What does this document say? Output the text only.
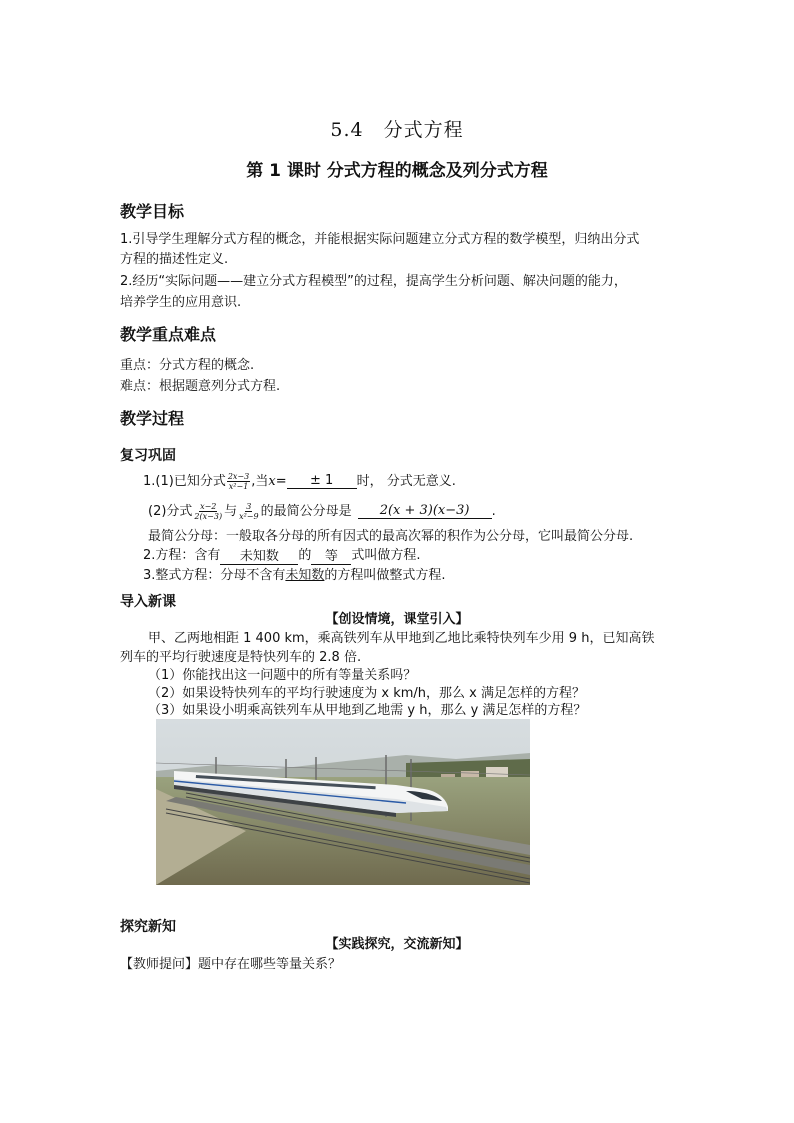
5.4　分式方程
第 1 课时 分式方程的概念及列分式方程
教学目标
1.引导学生理解分式方程的概念，并能根据实际问题建立分式方程的数学模型，归纳出分式
方程的描述性定义.
2.经历“实际问题——建立分式方程模型”的过程，提高学生分析问题、解决问题的能力，
培养学生的应用意识.
教学重点难点
重点：分式方程的概念.
难点：根据题意列分式方程.
教学过程
复习巩固
1.(1)已知分式 $\frac{2x-3}{\text{x²−1}}$ ,当 x =	± 1	时， 分式无意义.
(2)分式 $\frac{x-2}{2(x-3)}$ 与 $\frac{3}{\text{x²−9}}$ 的最简公分母是	2(x + 3)(x−3)	.
最简公分母：一般取各分母的所有因式的最高次幂的积作为公分母，它叫最简公分母.
2.方程：含有	未知数	的	等	式叫做方程.
3.整式方程：分母不含有未知数的方程叫做整式方程.
导入新课
【创设情境，课堂引入】
甲、乙两地相距 1 400 km，乘高铁列车从甲地到乙地比乘特快列车少用 9 h，已知高铁
列车的平均行驶速度是特快列车的 2.8 倍.
（1）你能找出这一问题中的所有等量关系吗？
（2）如果设特快列车的平均行驶速度为 x km/h，那么 x 满足怎样的方程？
（3）如果设小明乘高铁列车从甲地到乙地需 y h，那么 y 满足怎样的方程？
探究新知
【实践探究，交流新知】
【教师提问】题中存在哪些等量关系？
